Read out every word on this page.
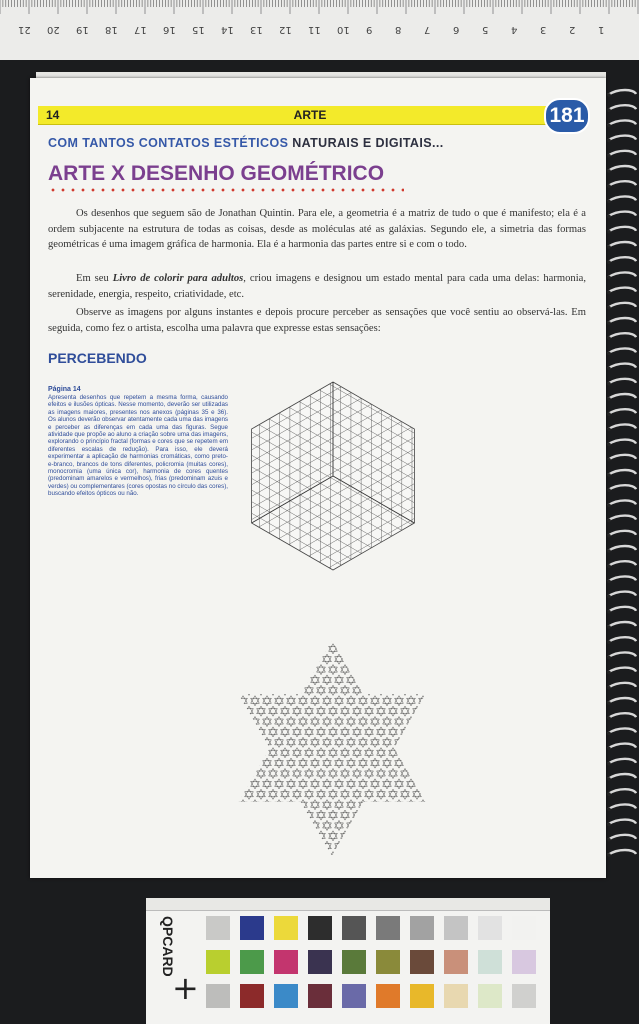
1
2
3
4
5
6
7
8
9
10
11
12
13
14
15
16
17
18
19
20
21
14	ARTE	181
COM TANTOS CONTATOS ESTÉTICOS NATURAIS E DIGITAIS...
ARTE X DESENHO GEOMÉTRICO

Os desenhos que seguem são de Jonathan Quintin. Para ele, a geometria é a matriz de tudo o que é manifesto; ela é a ordem subjacente na estrutura de todas as coisas, desde as moléculas até as galáxias. Segundo ele, a simetria das formas geométricas é uma imagem gráfica de harmonia. Ela é a harmonia das partes entre si e com o todo.

Em seu Livro de colorir para adultos, criou imagens e designou um estado mental para cada uma delas: harmonia, serenidade, energia, respeito, criatividade, etc.

Observe as imagens por alguns instantes e depois procure perceber as sensações que você sentiu ao observá-las. Em seguida, como fez o artista, escolha uma palavra que expresse estas sensações:

PERCEBENDO
Página 14

Apresenta desenhos que repetem a mesma forma, causando efeitos e ilusões ópticas. Nesse momento, deverão ser utilizadas as imagens maiores, presentes nos anexos (páginas 35 e 36). Os alunos deverão observar atentamente cada uma das imagens e perceber as diferenças em cada uma das figuras. Segue atividade que propõe ao aluno a criação sobre uma das imagens, explorando o princípio fractal (formas e cores que se repetem em diferentes escalas de redução). Para isso, ele deverá experimentar a aplicação de harmonias cromáticas, como preto-e-branco, brancos de tons diferentes, policromia (muitas cores), monocromia (uma única cor), harmonia de cores quentes (predominam amarelos e vermelhos), frias (predominam azuis e verdes) ou complementares (cores opostas no círculo das cores), buscando efeitos ópticos ou não.

QPCARD
+
